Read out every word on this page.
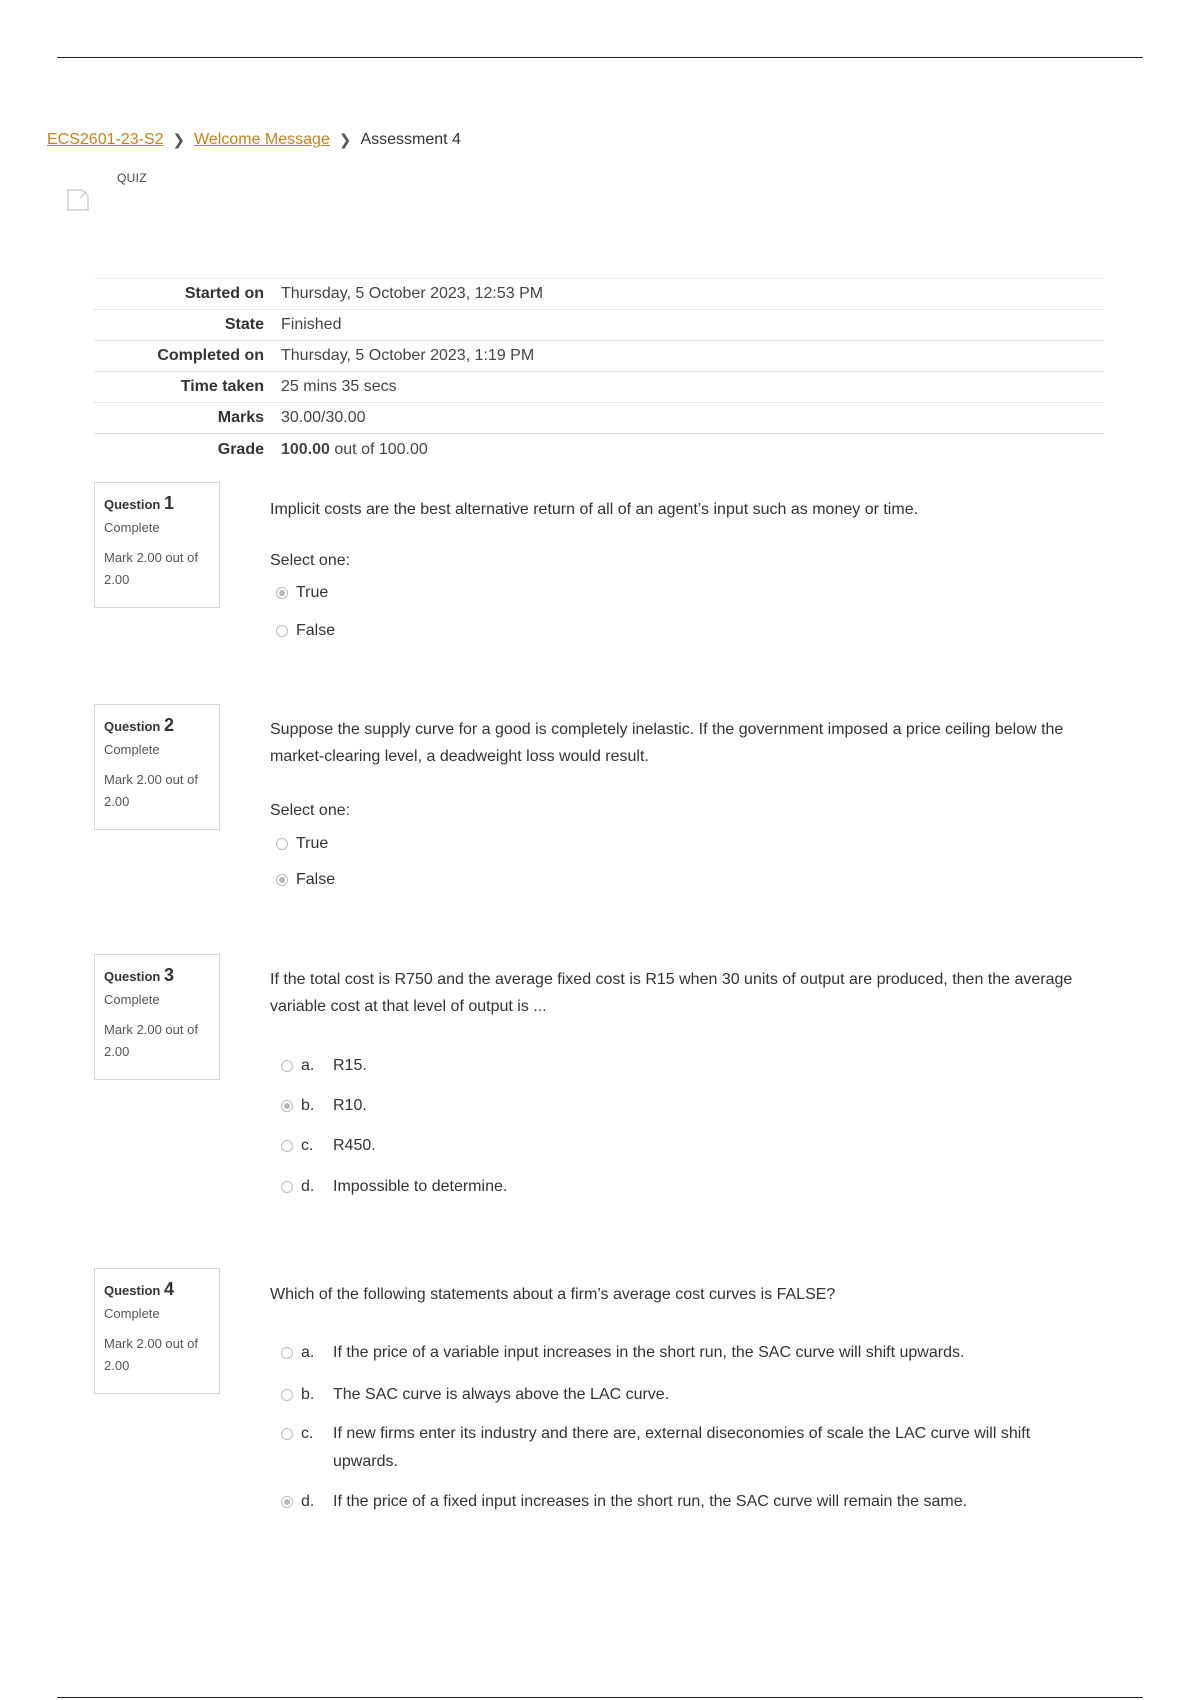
ECS2601-23-S2 ❯ Welcome Message ❯ Assessment 4
QUIZ
Started on	Thursday, 5 October 2023, 12:53 PM
State	Finished
Completed on	Thursday, 5 October 2023, 1:19 PM
Time taken	25 mins 35 secs
Marks	30.00/30.00
Grade	100.00 out of 100.00
Question 1
Complete
Mark 2.00 out of 2.00
Implicit costs are the best alternative return of all of an agent’s input such as money or time.
Select one:
True
False
Question 2
Complete
Mark 2.00 out of 2.00
Suppose the supply curve for a good is completely inelastic. If the government imposed a price ceiling below the market-clearing level, a deadweight loss would result.
Select one:
True
False
Question 3
Complete
Mark 2.00 out of 2.00
If the total cost is R750 and the average fixed cost is R15 when 30 units of output are produced, then the average variable cost at that level of output is ...
a.	R15.
b.	R10.
c.	R450.
d.	Impossible to determine.
Question 4
Complete
Mark 2.00 out of 2.00
Which of the following statements about a firm’s average cost curves is FALSE?
a.	If the price of a variable input increases in the short run, the SAC curve will shift upwards.
b.	The SAC curve is always above the LAC curve.
c.	If new firms enter its industry and there are, external diseconomies of scale the LAC curve will shift upwards.
d.	If the price of a fixed input increases in the short run, the SAC curve will remain the same.
